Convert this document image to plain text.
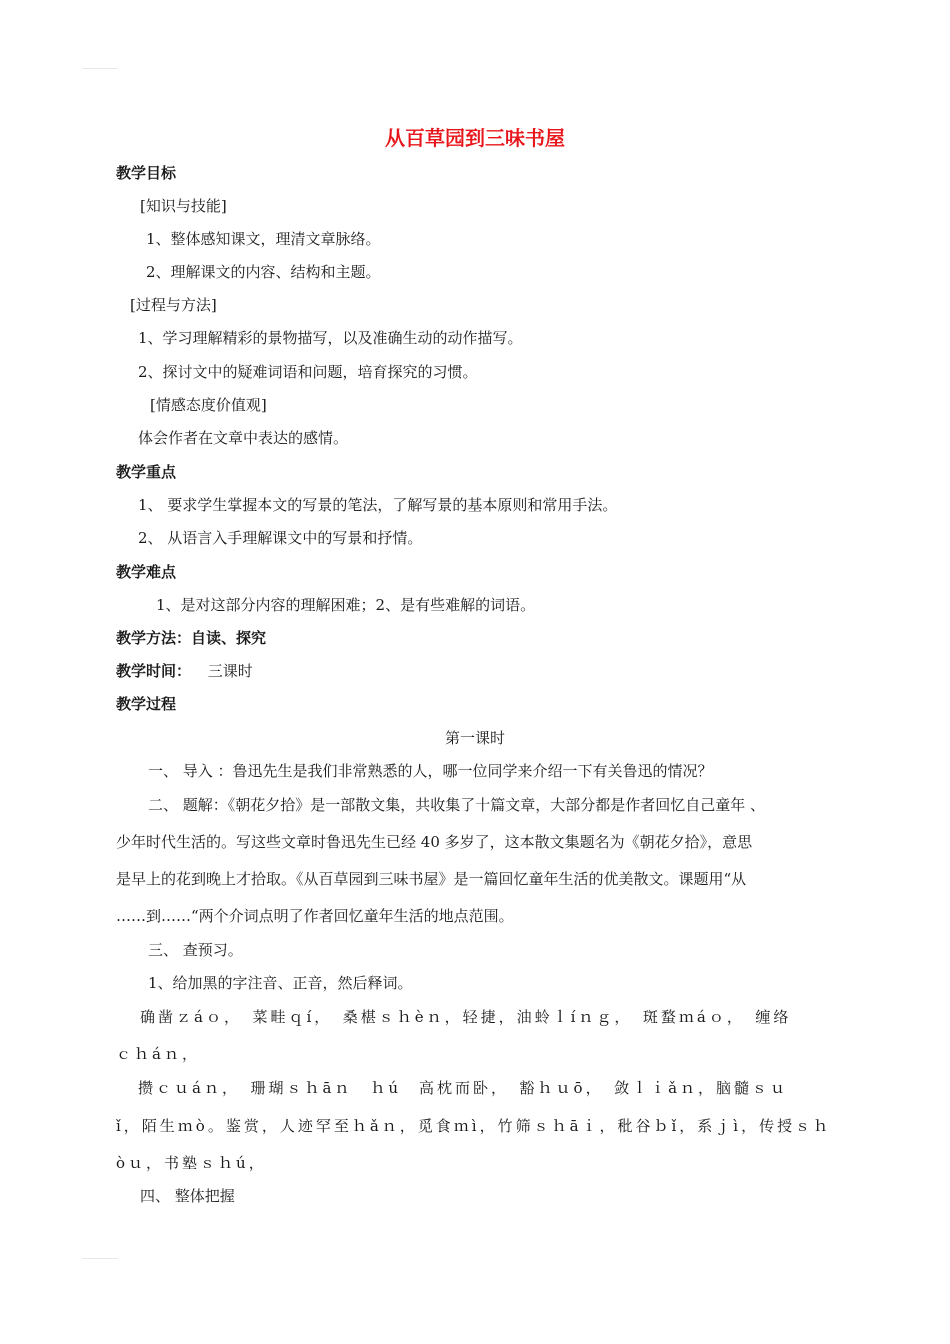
从百草园到三味书屋
教学目标
[知识与技能]
1、整体感知课文，理清文章脉络。
2、理解课文的内容、结构和主题。
[过程与方法]
1、学习理解精彩的景物描写，以及准确生动的动作描写。
2、探讨文中的疑难词语和问题，培育探究的习惯。
[情感态度价值观]
体会作者在文章中表达的感情。
教学重点
1、 要求学生掌握本文的写景的笔法，了解写景的基本原则和常用手法。
2、 从语言入手理解课文中的写景和抒情。
教学难点
1、是对这部分内容的理解困难；2、是有些难解的词语。
教学方法：自读、探究
教学时间： 三课时
教学过程
第一课时
一、 导入 ：鲁迅先生是我们非常熟悉的人，哪一位同学来介绍一下有关鲁迅的情况？
二、 题解：《朝花夕拾》是一部散文集，共收集了十篇文章，大部分都是作者回忆自己童年 、
少年时代生活的。写这些文章时鲁迅先生已经 40 多岁了，这本散文集题名为《朝花夕拾》，意思
是早上的花到晚上才拾取。《从百草园到三味书屋》是一篇回忆童年生活的优美散文。课题用“从
……到……“两个介词点明了作者回忆童年生活的地点范围。
三、 查预习。
1、给加黑的字注音、正音，然后释词。
确凿ｚáｏ，　菜畦ｑí，　桑椹ｓｈèｎ，轻捷，油蛉ｌíｎｇ，　斑蝥ｍáｏ，　缠络
ｃｈáｎ，
攒ｃｕáｎ，　珊瑚ｓｈāｎ　ｈú　高枕而卧，　豁ｈｕō，　敛ｌｉǎｎ，脑髓ｓｕ
ǐ，陌生ｍò。鉴赏，人迹罕至ｈǎｎ，觅食ｍì，竹筛ｓｈāｉ，秕谷ｂǐ，系ｊì，传授ｓｈ
òｕ，书塾ｓｈú，
四、 整体把握
